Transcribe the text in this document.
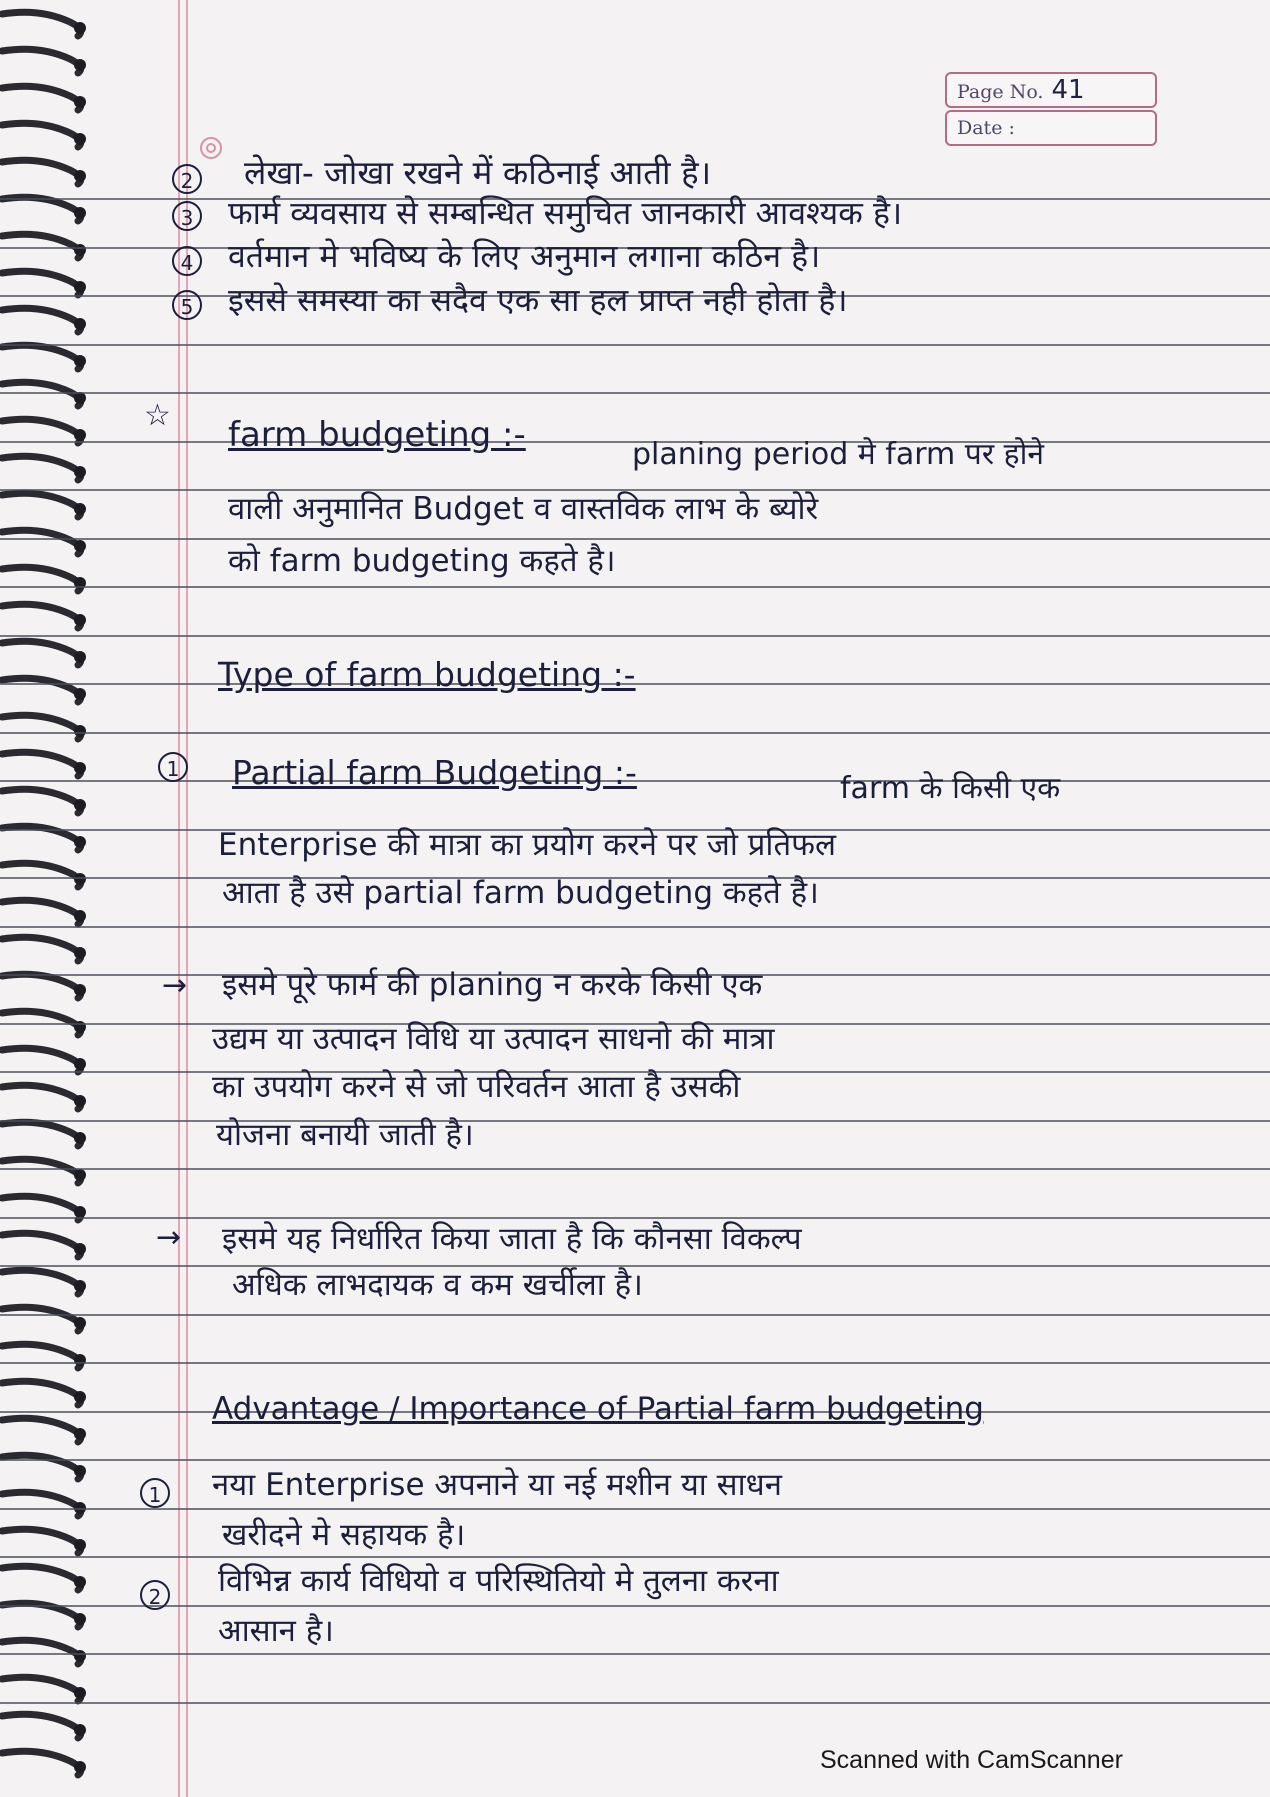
Page No. 41
Date :
2 लेखा- जोखा रखने में कठिनाई आती है।
3 फार्म व्यवसाय से सम्बन्धित समुचित जानकारी आवश्यक है।
4 वर्तमान मे भविष्य के लिए अनुमान लगाना कठिन है।
5 इससे समस्या का सदैव एक सा हल प्राप्त नही होता है।
☆ farm budgeting :-	planing period मे farm पर होने
वाली अनुमानित Budget व वास्तविक लाभ के ब्योरे
को farm budgeting कहते है।
Type of farm budgeting :-
1 Partial farm Budgeting :-	farm के किसी एक
Enterprise की मात्रा का प्रयोग करने पर जो प्रतिफल
आता है उसे partial farm budgeting कहते है।
→ इसमे पूरे फार्म की planing न करके किसी एक
उद्यम या उत्पादन विधि या उत्पादन साधनो की मात्रा
का उपयोग करने से जो परिवर्तन आता है उसकी
योजना बनायी जाती है।
→ इसमे यह निर्धारित किया जाता है कि कौनसा विकल्प
अधिक लाभदायक व कम खर्चीला है।
Advantage / Importance of Partial farm budgeting
1 नया Enterprise अपनाने या नई मशीन या साधन
खरीदने मे सहायक है।
2 विभिन्न कार्य विधियो व परिस्थितियो मे तुलना करना
आसान है।
Scanned with CamScanner
